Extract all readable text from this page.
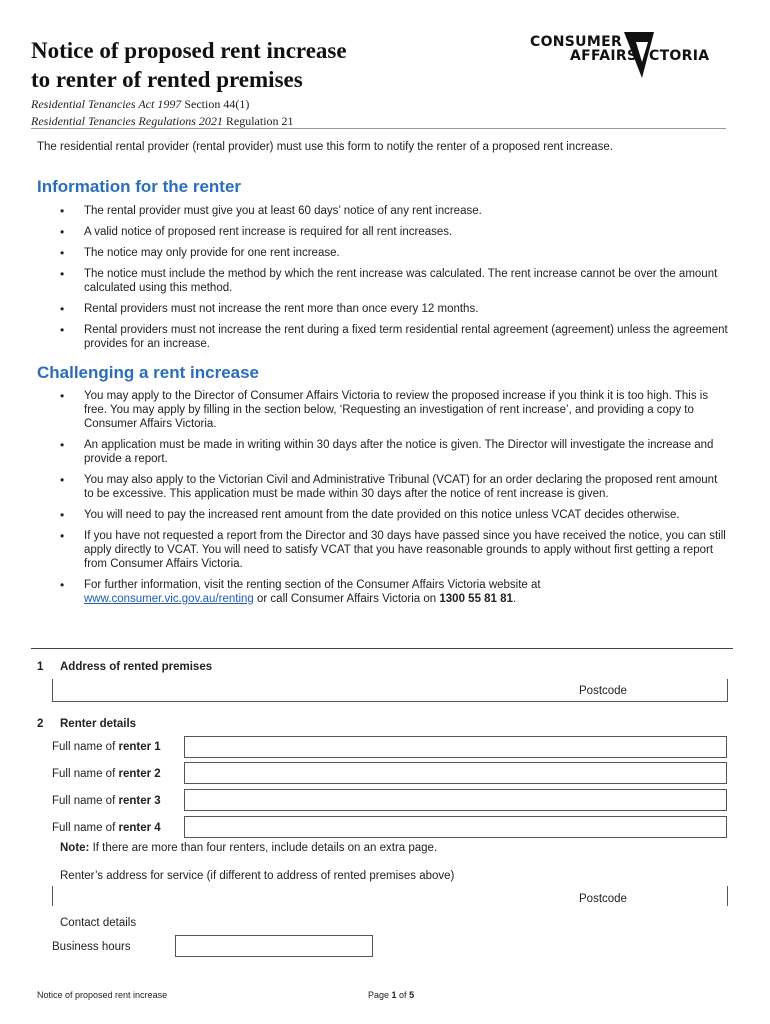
Notice of proposed rent increase
to renter of rented premises
CONSUMER
AFFAIRS CTORIA
Residential Tenancies Act 1997 Section 44(1)
Residential Tenancies Regulations 2021 Regulation 21
The residential rental provider (rental provider) must use this form to notify the renter of a proposed rent increase.
Information for the renter
• The rental provider must give you at least 60 days’ notice of any rent increase.
• A valid notice of proposed rent increase is required for all rent increases.
• The notice may only provide for one rent increase.
• The notice must include the method by which the rent increase was calculated. The rent increase cannot be over the amount calculated using this method.
• Rental providers must not increase the rent more than once every 12 months.
• Rental providers must not increase the rent during a fixed term residential rental agreement (agreement) unless the agreement provides for an increase.
Challenging a rent increase
• You may apply to the Director of Consumer Affairs Victoria to review the proposed increase if you think it is too high. This is free. You may apply by filling in the section below, ‘Requesting an investigation of rent increase’, and providing a copy to Consumer Affairs Victoria.
• An application must be made in writing within 30 days after the notice is given. The Director will investigate the increase and provide a report.
• You may also apply to the Victorian Civil and Administrative Tribunal (VCAT) for an order declaring the proposed rent amount to be excessive. This application must be made within 30 days after the notice of rent increase is given.
• You will need to pay the increased rent amount from the date provided on this notice unless VCAT decides otherwise.
• If you have not requested a report from the Director and 30 days have passed since you have received the notice, you can still apply directly to VCAT. You will need to satisfy VCAT that you have reasonable grounds to apply without first getting a report from Consumer Affairs Victoria.
• For further information, visit the renting section of the Consumer Affairs Victoria website at
www.consumer.vic.gov.au/renting or call Consumer Affairs Victoria on 1300 55 81 81.
1 Address of rented premises
Postcode
2 Renter details
Full name of renter 1
Full name of renter 2
Full name of renter 3
Full name of renter 4
Note: If there are more than four renters, include details on an extra page.
Renter’s address for service (if different to address of rented premises above)
Postcode
Contact details
Business hours
Notice of proposed rent increase	Page 1 of 5
